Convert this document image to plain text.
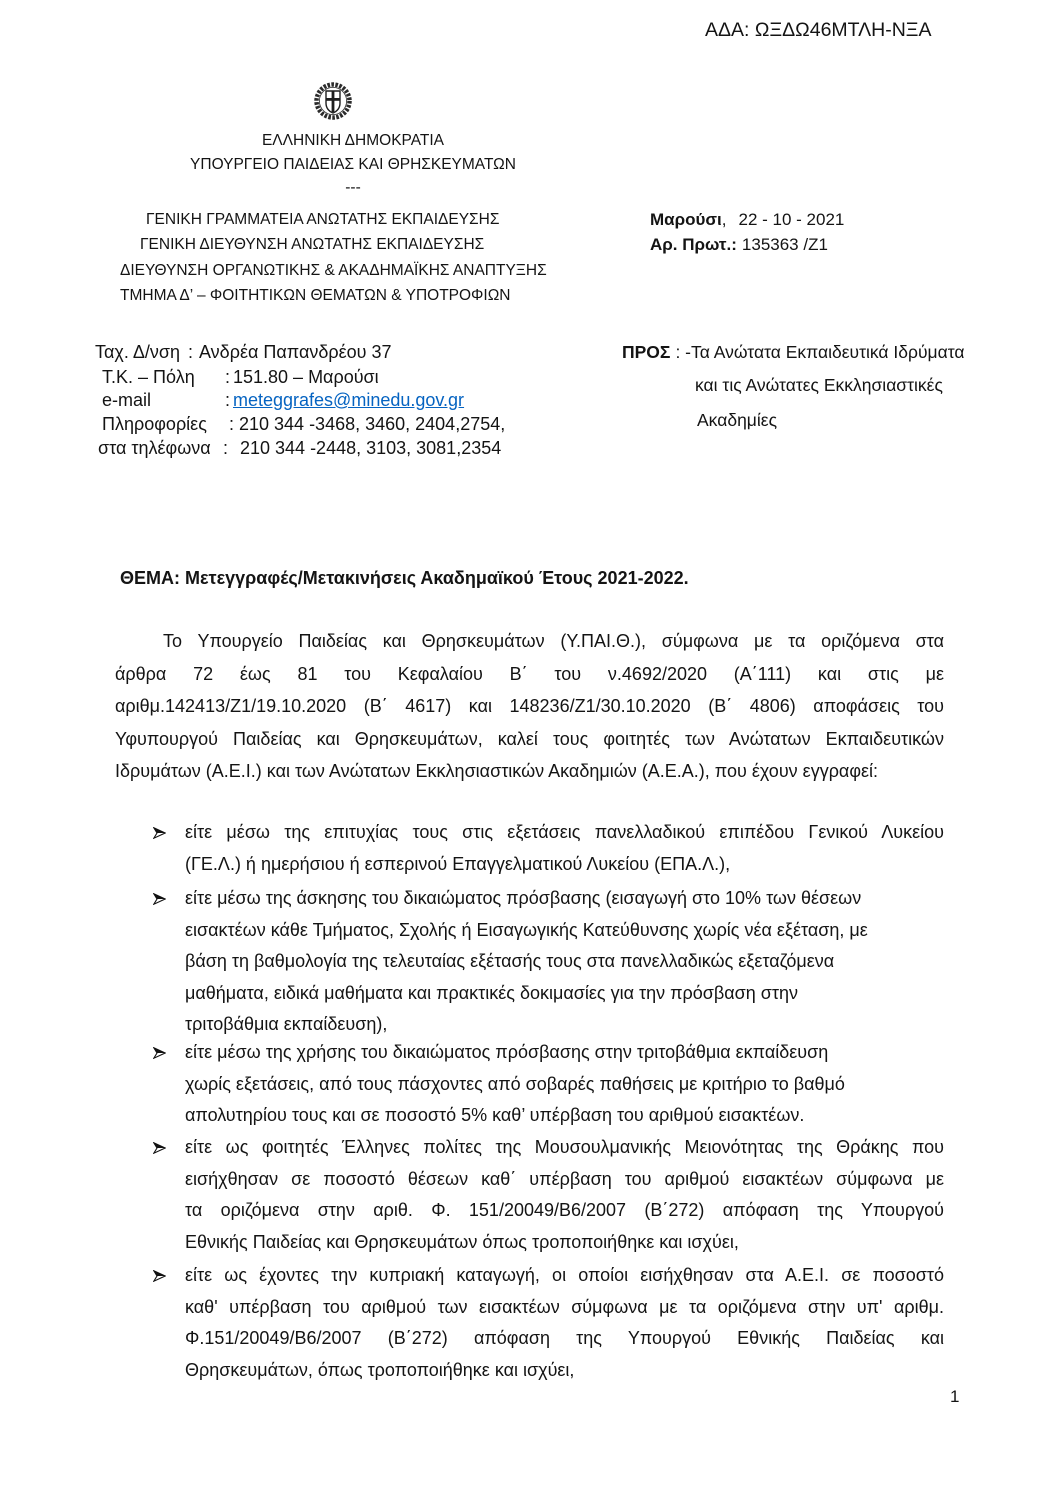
ΑΔΑ: ΩΞΔΩ46ΜΤΛΗ-ΝΞΑ
ΕΛΛΗΝΙΚΗ ΔΗΜΟΚΡΑΤΙΑ
ΥΠΟΥΡΓΕΙΟ ΠΑΙΔΕΙΑΣ ΚΑΙ ΘΡΗΣΚΕΥΜΑΤΩΝ
---
ΓΕΝΙΚΗ ΓΡΑΜΜΑΤΕΙΑ ΑΝΩΤΑΤΗΣ ΕΚΠΑΙΔΕΥΣΗΣ
ΓΕΝΙΚΗ ΔΙΕΥΘΥΝΣΗ ΑΝΩΤΑΤΗΣ ΕΚΠΑΙΔΕΥΣΗΣ
ΔΙΕΥΘΥΝΣΗ ΟΡΓΑΝΩΤΙΚΗΣ & ΑΚΑΔΗΜΑΪΚΗΣ ΑΝΑΠΤΥΞΗΣ
ΤΜΗΜΑ Δ’ – ΦΟΙΤΗΤΙΚΩΝ ΘΕΜΑΤΩΝ & ΥΠΟΤΡΟΦΙΩΝ
Μαρούσι, 22 - 10 - 2021
Αρ. Πρωτ.: 135363 /Ζ1
Ταχ. Δ/νση : Ανδρέα Παπανδρέου 37
Τ.Κ. – Πόλη : 151.80 – Μαρούσι
e-mail	: meteggrafes@minedu.gov.gr
Πληροφορίες : 210 344 -3468, 3460, 2404,2754,
στα τηλέφωνα : 210 344 -2448, 3103, 3081,2354
ΠΡΟΣ : -Τα Ανώτατα Εκπαιδευτικά Ιδρύματα
και τις Ανώτατες Εκκλησιαστικές
Ακαδημίες
ΘΕΜΑ: Μετεγγραφές/Μετακινήσεις Ακαδημαϊκού Έτους 2021-2022.
Το Υπουργείο Παιδείας και Θρησκευμάτων (Υ.ΠΑΙ.Θ.), σύμφωνα με τα οριζόμενα στα
άρθρα 72 έως 81 του Κεφαλαίου Β΄ του ν.4692/2020 (Α΄111) και στις με
αριθμ.142413/Ζ1/19.10.2020 (Β΄ 4617) και 148236/Ζ1/30.10.2020 (Β΄ 4806) αποφάσεις του
Υφυπουργού Παιδείας και Θρησκευμάτων, καλεί τους φοιτητές των Ανώτατων Εκπαιδευτικών
Ιδρυμάτων (Α.Ε.Ι.) και των Ανώτατων Εκκλησιαστικών Ακαδημιών (Α.Ε.Α.), που έχουν εγγραφεί:
είτε μέσω της επιτυχίας τους στις εξετάσεις πανελλαδικού επιπέδου Γενικού Λυκείου
(ΓΕ.Λ.) ή ημερήσιου ή εσπερινού Επαγγελματικού Λυκείου (ΕΠΑ.Λ.),
είτε μέσω της άσκησης του δικαιώματος πρόσβασης (εισαγωγή στο 10% των θέσεων
εισακτέων κάθε Τμήματος, Σχολής ή Εισαγωγικής Κατεύθυνσης χωρίς νέα εξέταση, με
βάση τη βαθμολογία της τελευταίας εξέτασής τους στα πανελλαδικώς εξεταζόμενα
μαθήματα, ειδικά μαθήματα και πρακτικές δοκιμασίες για την πρόσβαση στην
τριτοβάθμια εκπαίδευση),
είτε μέσω της χρήσης του δικαιώματος πρόσβασης στην τριτοβάθμια εκπαίδευση
χωρίς εξετάσεις, από τους πάσχοντες από σοβαρές παθήσεις με κριτήριο το βαθμό
απολυτηρίου τους και σε ποσοστό 5% καθ’ υπέρβαση του αριθμού εισακτέων.
είτε ως φοιτητές Έλληνες πολίτες της Μουσουλμανικής Μειονότητας της Θράκης που
εισήχθησαν σε ποσοστό θέσεων καθ΄ υπέρβαση του αριθμού εισακτέων σύμφωνα με
τα οριζόμενα στην αριθ. Φ. 151/20049/Β6/2007 (Β΄272) απόφαση της Υπουργού
Εθνικής Παιδείας και Θρησκευμάτων όπως τροποποιήθηκε και ισχύει,
είτε ως έχοντες την κυπριακή καταγωγή, οι οποίοι εισήχθησαν στα Α.Ε.Ι. σε ποσοστό
καθ' υπέρβαση του αριθμού των εισακτέων σύμφωνα με τα οριζόμενα στην υπ' αριθμ.
Φ.151/20049/Β6/2007 (Β΄272) απόφαση της Υπουργού Εθνικής Παιδείας και
Θρησκευμάτων, όπως τροποποιήθηκε και ισχύει,
1
